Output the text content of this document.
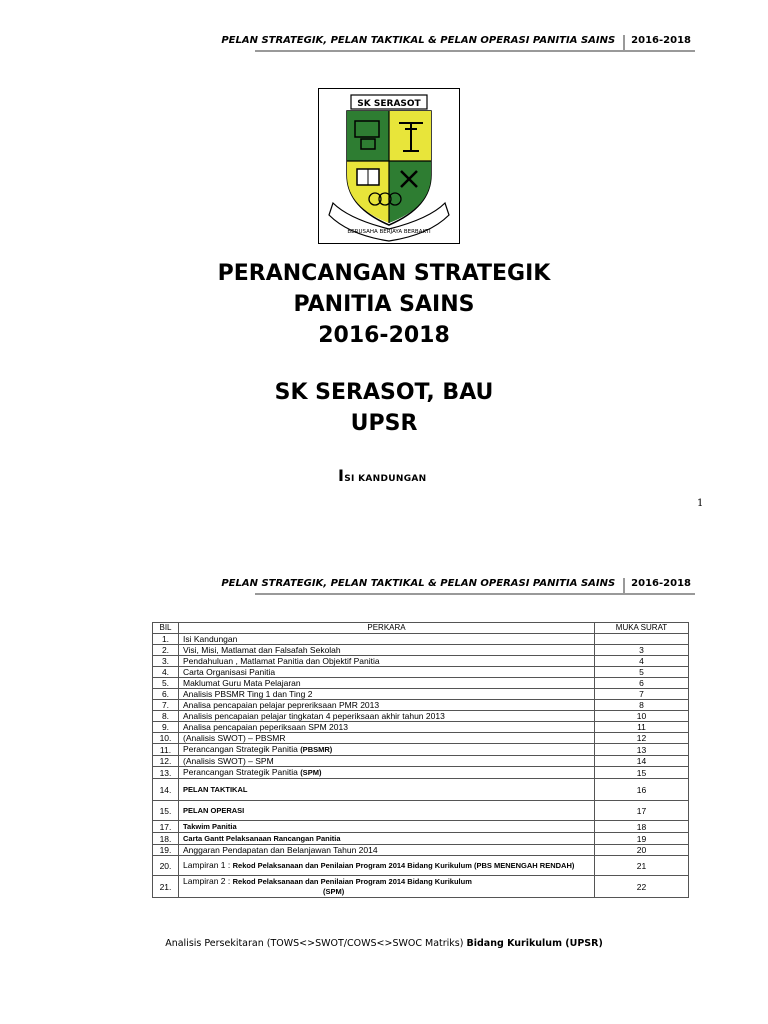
PELAN STRATEGIK, PELAN TAKTIKAL & PELAN OPERASI PANITIA SAINS	2016-2018
SK SERASOT
BERUSAHA BERJAYA BERBAKTI
PERANCANGAN STRATEGIK
PANITIA SAINS
2016-2018
SK SERASOT, BAU
UPSR
ISI KANDUNGAN
1
PELAN STRATEGIK, PELAN TAKTIKAL & PELAN OPERASI PANITIA SAINS	2016-2018
BIL	PERKARA	MUKA SURAT
1.	Isi Kandungan	
2.	Visi, Misi, Matlamat dan Falsafah Sekolah	3
3.	Pendahuluan , Matlamat Panitia dan Objektif Panitia	4
4.	Carta Organisasi Panitia	5
5.	Maklumat Guru Mata Pelajaran	6
6.	Analisis PBSMR Ting 1 dan Ting 2	7
7.	Analisa pencapaian pelajar pepreriksaan PMR 2013	8
8.	Analisis pencapaian pelajar tingkatan 4 peperiksaan akhir tahun 2013	10
9.	Analisa pencapaian peperiksaan SPM 2013	11
10.	(Analisis SWOT) – PBSMR	12
11.	Perancangan Strategik Panitia (PBSMR)	13
12.	(Analisis SWOT) – SPM	14
13.	Perancangan Strategik Panitia (SPM)	15
14.	PELAN TAKTIKAL	16
15.	PELAN OPERASI	17
17.	Takwim Panitia	18
18.	Carta Gantt Pelaksanaan Rancangan Panitia	19
19.	Anggaran Pendapatan dan Belanjawan Tahun 2014	20
20.	Lampiran 1 : Rekod Pelaksanaan dan Penilaian Program 2014 Bidang Kurikulum (PBS MENENGAH RENDAH)	21
21.	Lampiran 2 : Rekod Pelaksanaan dan Penilaian Program 2014 Bidang Kurikulum
(SPM)	22
Analisis Persekitaran (TOWS<>SWOT/COWS<>SWOC Matriks) Bidang Kurikulum (UPSR)
